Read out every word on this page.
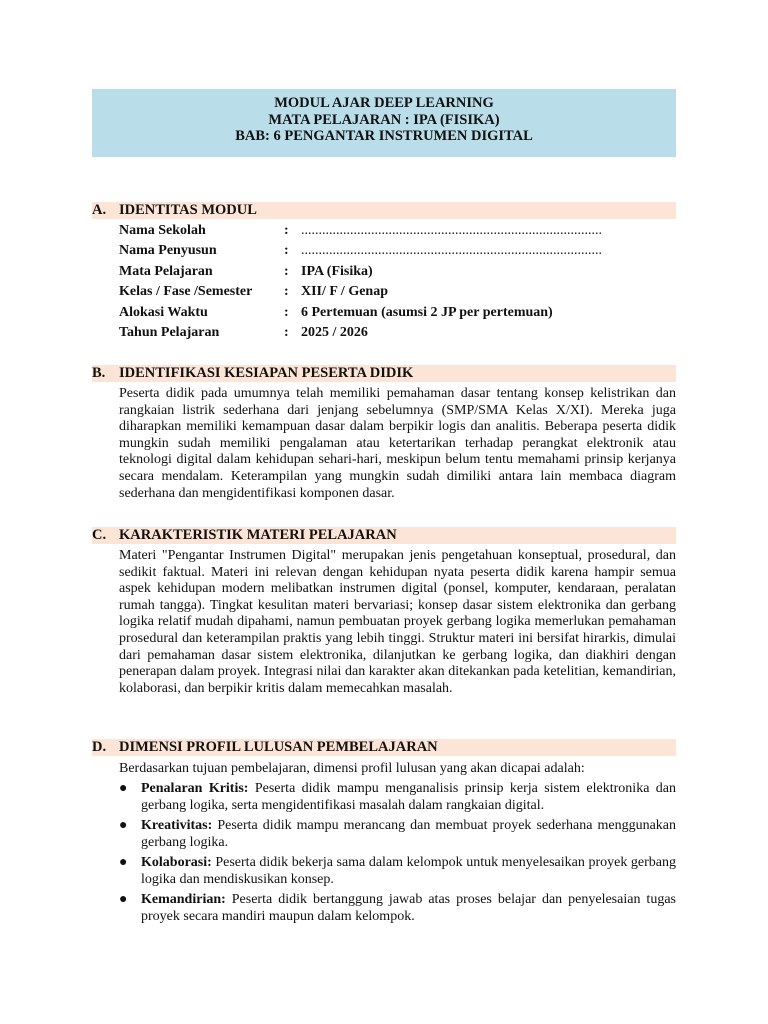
MODUL AJAR DEEP LEARNING
MATA PELAJARAN : IPA (FISIKA)
BAB: 6 PENGANTAR INSTRUMEN DIGITAL
A. IDENTITAS MODUL
Nama Sekolah	: ......................................................................................
Nama Penyusun	: ......................................................................................
Mata Pelajaran	: IPA (Fisika)
Kelas / Fase /Semester : XII/ F / Genap
Alokasi Waktu	: 6 Pertemuan (asumsi 2 JP per pertemuan)
Tahun Pelajaran	: 2025 / 2026
B. IDENTIFIKASI KESIAPAN PESERTA DIDIK

Peserta didik pada umumnya telah memiliki pemahaman dasar tentang konsep kelistrikan dan rangkaian listrik sederhana dari jenjang sebelumnya (SMP/SMA Kelas X/XI). Mereka juga diharapkan memiliki kemampuan dasar dalam berpikir logis dan analitis. Beberapa peserta didik mungkin sudah memiliki pengalaman atau ketertarikan terhadap perangkat elektronik atau teknologi digital dalam kehidupan sehari-hari, meskipun belum tentu memahami prinsip kerjanya secara mendalam. Keterampilan yang mungkin sudah dimiliki antara lain membaca diagram sederhana dan mengidentifikasi komponen dasar.

C. KARAKTERISTIK MATERI PELAJARAN

Materi "Pengantar Instrumen Digital" merupakan jenis pengetahuan konseptual, prosedural, dan sedikit faktual. Materi ini relevan dengan kehidupan nyata peserta didik karena hampir semua aspek kehidupan modern melibatkan instrumen digital (ponsel, komputer, kendaraan, peralatan rumah tangga). Tingkat kesulitan materi bervariasi; konsep dasar sistem elektronika dan gerbang logika relatif mudah dipahami, namun pembuatan proyek gerbang logika memerlukan pemahaman prosedural dan keterampilan praktis yang lebih tinggi. Struktur materi ini bersifat hirarkis, dimulai dari pemahaman dasar sistem elektronika, dilanjutkan ke gerbang logika, dan diakhiri dengan penerapan dalam proyek. Integrasi nilai dan karakter akan ditekankan pada ketelitian, kemandirian, kolaborasi, dan berpikir kritis dalam memecahkan masalah.

D. DIMENSI PROFIL LULUSAN PEMBELAJARAN
Berdasarkan tujuan pembelajaran, dimensi profil lulusan yang akan dicapai adalah:
● Penalaran Kritis: Peserta didik mampu menganalisis prinsip kerja sistem elektronika dan gerbang logika, serta mengidentifikasi masalah dalam rangkaian digital.
● Kreativitas: Peserta didik mampu merancang dan membuat proyek sederhana menggunakan gerbang logika.
● Kolaborasi: Peserta didik bekerja sama dalam kelompok untuk menyelesaikan proyek gerbang logika dan mendiskusikan konsep.
● Kemandirian: Peserta didik bertanggung jawab atas proses belajar dan penyelesaian tugas proyek secara mandiri maupun dalam kelompok.
